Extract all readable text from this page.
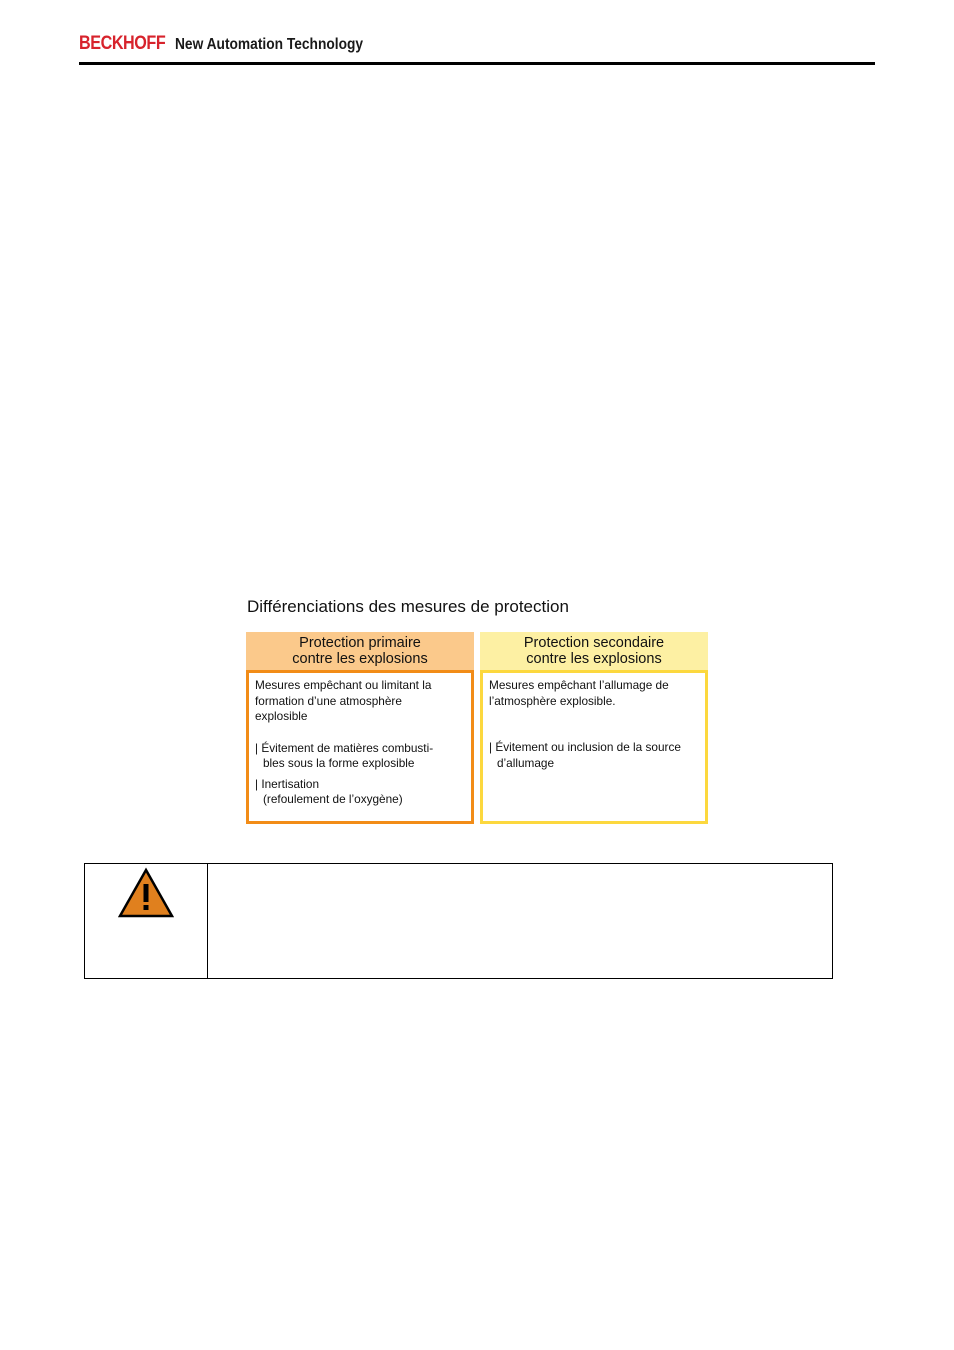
BECKHOFF New Automation Technology
Différenciations des mesures de protection
Protection primaire
contre les explosions

Mesures empêchant ou limitant la
formation d’une atmosphère
explosible

| Évitement de matières combusti-

bles sous la forme explosible

| Inertisation

(refoulement de l’oxygène)

Protection secondaire
contre les explosions

Mesures empêchant l’allumage de
l’atmosphère explosible.

| Évitement ou inclusion de la source

d’allumage
